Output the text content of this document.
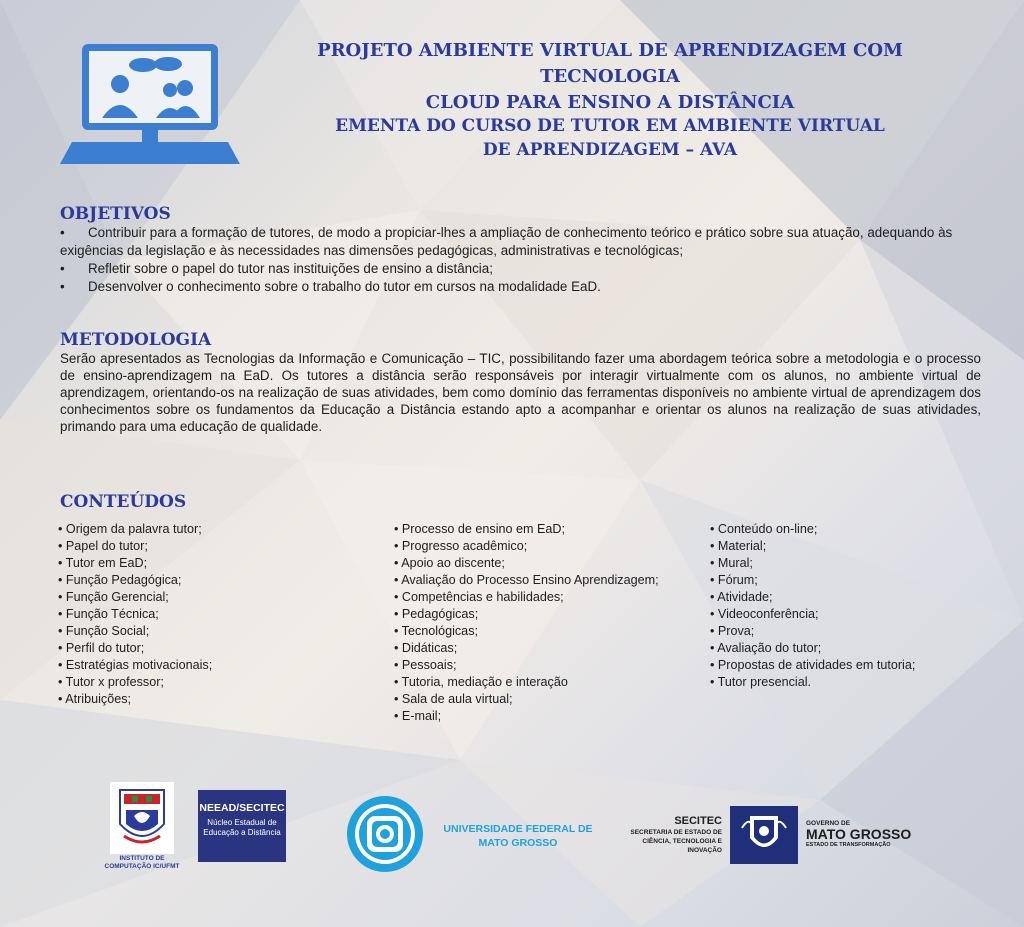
PROJETO AMBIENTE VIRTUAL DE APRENDIZAGEM COM TECNOLOGIA
CLOUD PARA ENSINO A DISTÂNCIA
EMENTA DO CURSO DE TUTOR EM AMBIENTE VIRTUAL
DE APRENDIZAGEM – AVA
OBJETIVOS
• Contribuir para a formação de tutores, de modo a propiciar-lhes a ampliação de conhecimento teórico e prático sobre sua atuação, adequando às exigências da legislação e às necessidades nas dimensões pedagógicas, administrativas e tecnológicas;
• Refletir sobre o papel do tutor nas instituições de ensino a distância;
• Desenvolver o conhecimento sobre o trabalho do tutor em cursos na modalidade EaD.
METODOLOGIA

Serão apresentados as Tecnologias da Informação e Comunicação – TIC, possibilitando fazer uma abordagem teórica sobre a metodologia e o processo de ensino-aprendizagem na EaD. Os tutores a distância serão responsáveis por interagir virtualmente com os alunos, no ambiente virtual de aprendizagem, orientando-os na realização de suas atividades, bem como domínio das ferramentas disponíveis no ambiente virtual de aprendizagem dos conhecimentos sobre os fundamentos da Educação a Distância estando apto a acompanhar e orientar os alunos na realização de suas atividades, primando para uma educação de qualidade.

CONTEÚDOS
• Origem da palavra tutor;
• Papel do tutor;
• Tutor em EaD;
• Função Pedagógica;
• Função Gerencial;
• Função Técnica;
• Função Social;
• Perfil do tutor;
• Estratégias motivacionais;
• Tutor x professor;
• Atribuições;
• Processo de ensino em EaD;
• Progresso acadêmico;
• Apoio ao discente;
• Avaliação do Processo Ensino Aprendizagem;
• Competências e habilidades;
• Pedagógicas;
• Tecnológicas;
• Didáticas;
• Pessoais;
• Tutoria, mediação e interação
• Sala de aula virtual;
• E-mail;
• Conteúdo on-line;
• Material;
• Mural;
• Fórum;
• Atividade;
• Videoconferência;
• Prova;
• Avaliação do tutor;
• Propostas de atividades em tutoria;
• Tutor presencial.
INSTITUTO DE COMPUTAÇÃO IC/UFMT
NEEAD/SECITEC
Núcleo Estadual de Educação a Distância	UNIVERSIDADE FEDERAL DE MATO GROSSO
SECITEC
SECRETARIA DE ESTADO DE CIÊNCIA, TECNOLOGIA E INOVAÇÃO
GOVERNO DE
MATO GROSSO
ESTADO DE TRANSFORMAÇÃO
